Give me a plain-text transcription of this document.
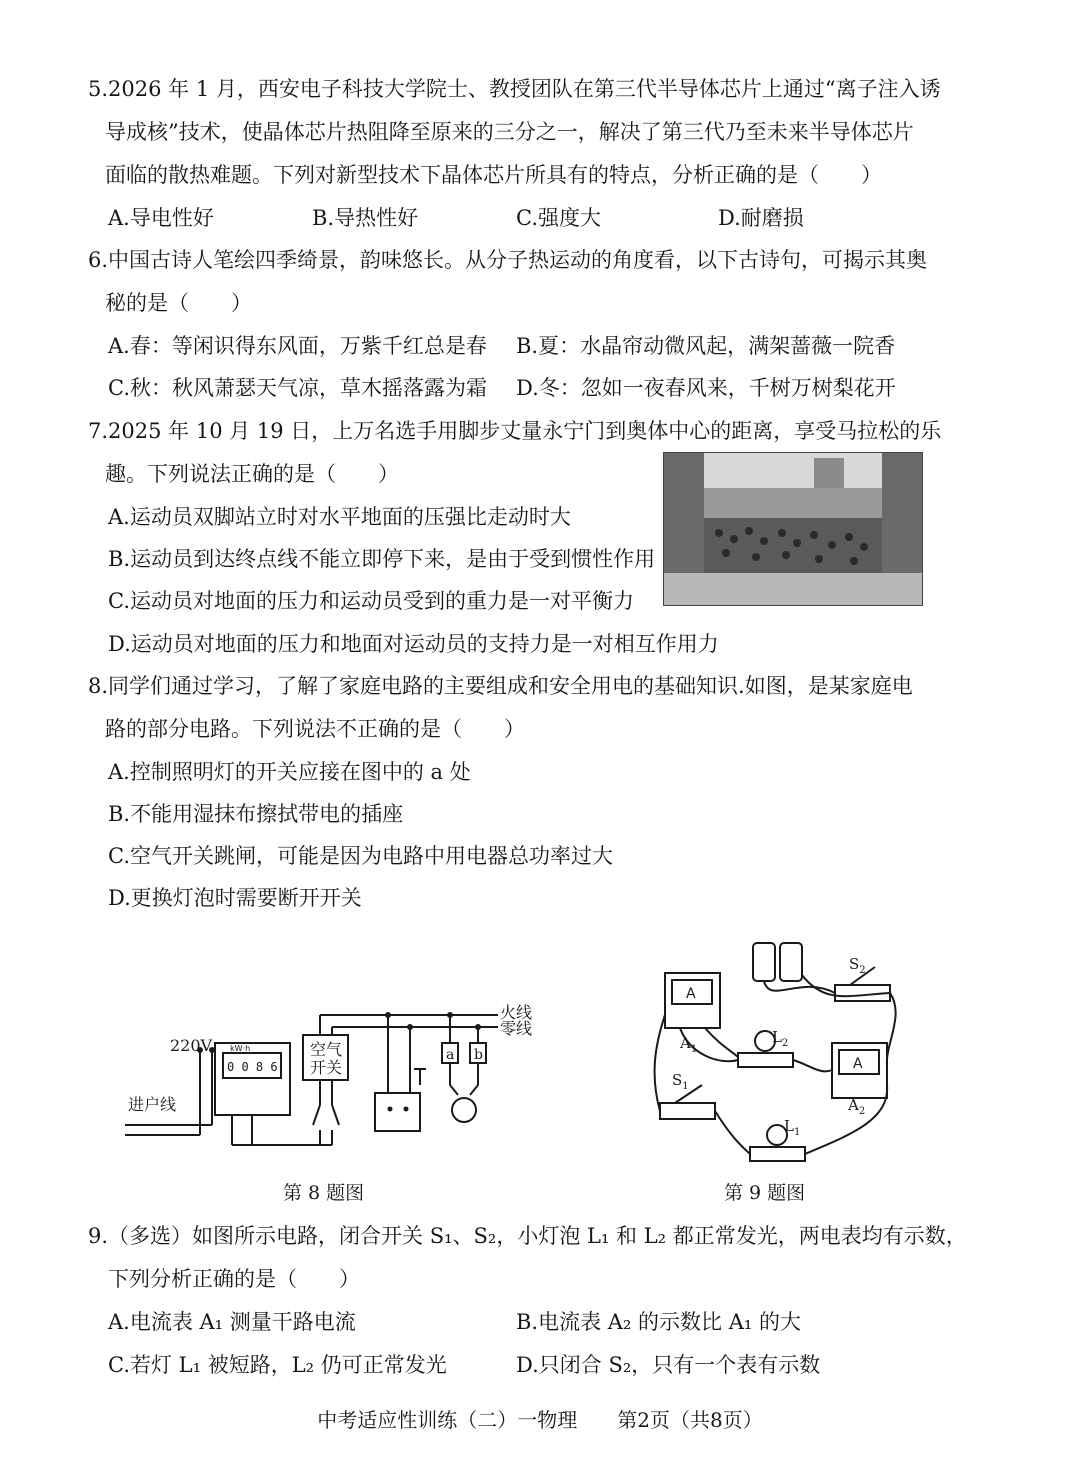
5.2026 年 1 月，西安电子科技大学院士、教授团队在第三代半导体芯片上通过“离子注入诱
导成核”技术，使晶体芯片热阻降至原来的三分之一，解决了第三代乃至未来半导体芯片
面临的散热难题。下列对新型技术下晶体芯片所具有的特点，分析正确的是（　　）
A.导电性好	B.导热性好	C.强度大	D.耐磨损
6.中国古诗人笔绘四季绮景，韵味悠长。从分子热运动的角度看，以下古诗句，可揭示其奥
秘的是（　　）
A.春：等闲识得东风面，万紫千红总是春 B.夏：水晶帘动微风起，满架蔷薇一院香
C.秋：秋风萧瑟天气凉，草木摇落露为霜 D.冬：忽如一夜春风来，千树万树梨花开
7.2025 年 10 月 19 日，上万名选手用脚步丈量永宁门到奥体中心的距离，享受马拉松的乐
趣。下列说法正确的是（　　）
A.运动员双脚站立时对水平地面的压强比走动时大
B.运动员到达终点线不能立即停下来，是由于受到惯性作用
C.运动员对地面的压力和运动员受到的重力是一对平衡力
D.运动员对地面的压力和地面对运动员的支持力是一对相互作用力
8.同学们通过学习，了解了家庭电路的主要组成和安全用电的基础知识.如图，是某家庭电
路的部分电路。下列说法不正确的是（　　）
A.控制照明灯的开关应接在图中的 a 处
B.不能用湿抹布擦拭带电的插座
C.空气开关跳闸，可能是因为电路中用电器总功率过大
D.更换灯泡时需要断开开关
火线
零线
220V
进户线
空气
开关
a b
kW·h
0 0 8 6
第 8 题图
$S_2$
$L_2$
$A_1$
$A_2$
$S_1$
$L_1$
A
A
第 9 题图
9.（多选）如图所示电路，闭合开关 S₁、S₂，小灯泡 L₁ 和 L₂ 都正常发光，两电表均有示数，
下列分析正确的是（　　）
A.电流表 A₁ 测量干路电流	B.电流表 A₂ 的示数比 A₁ 的大
C.若灯 L₁ 被短路，L₂ 仍可正常发光	D.只闭合 S₂，只有一个表有示数
中考适应性训练（二）一物理　　第2页（共8页）
